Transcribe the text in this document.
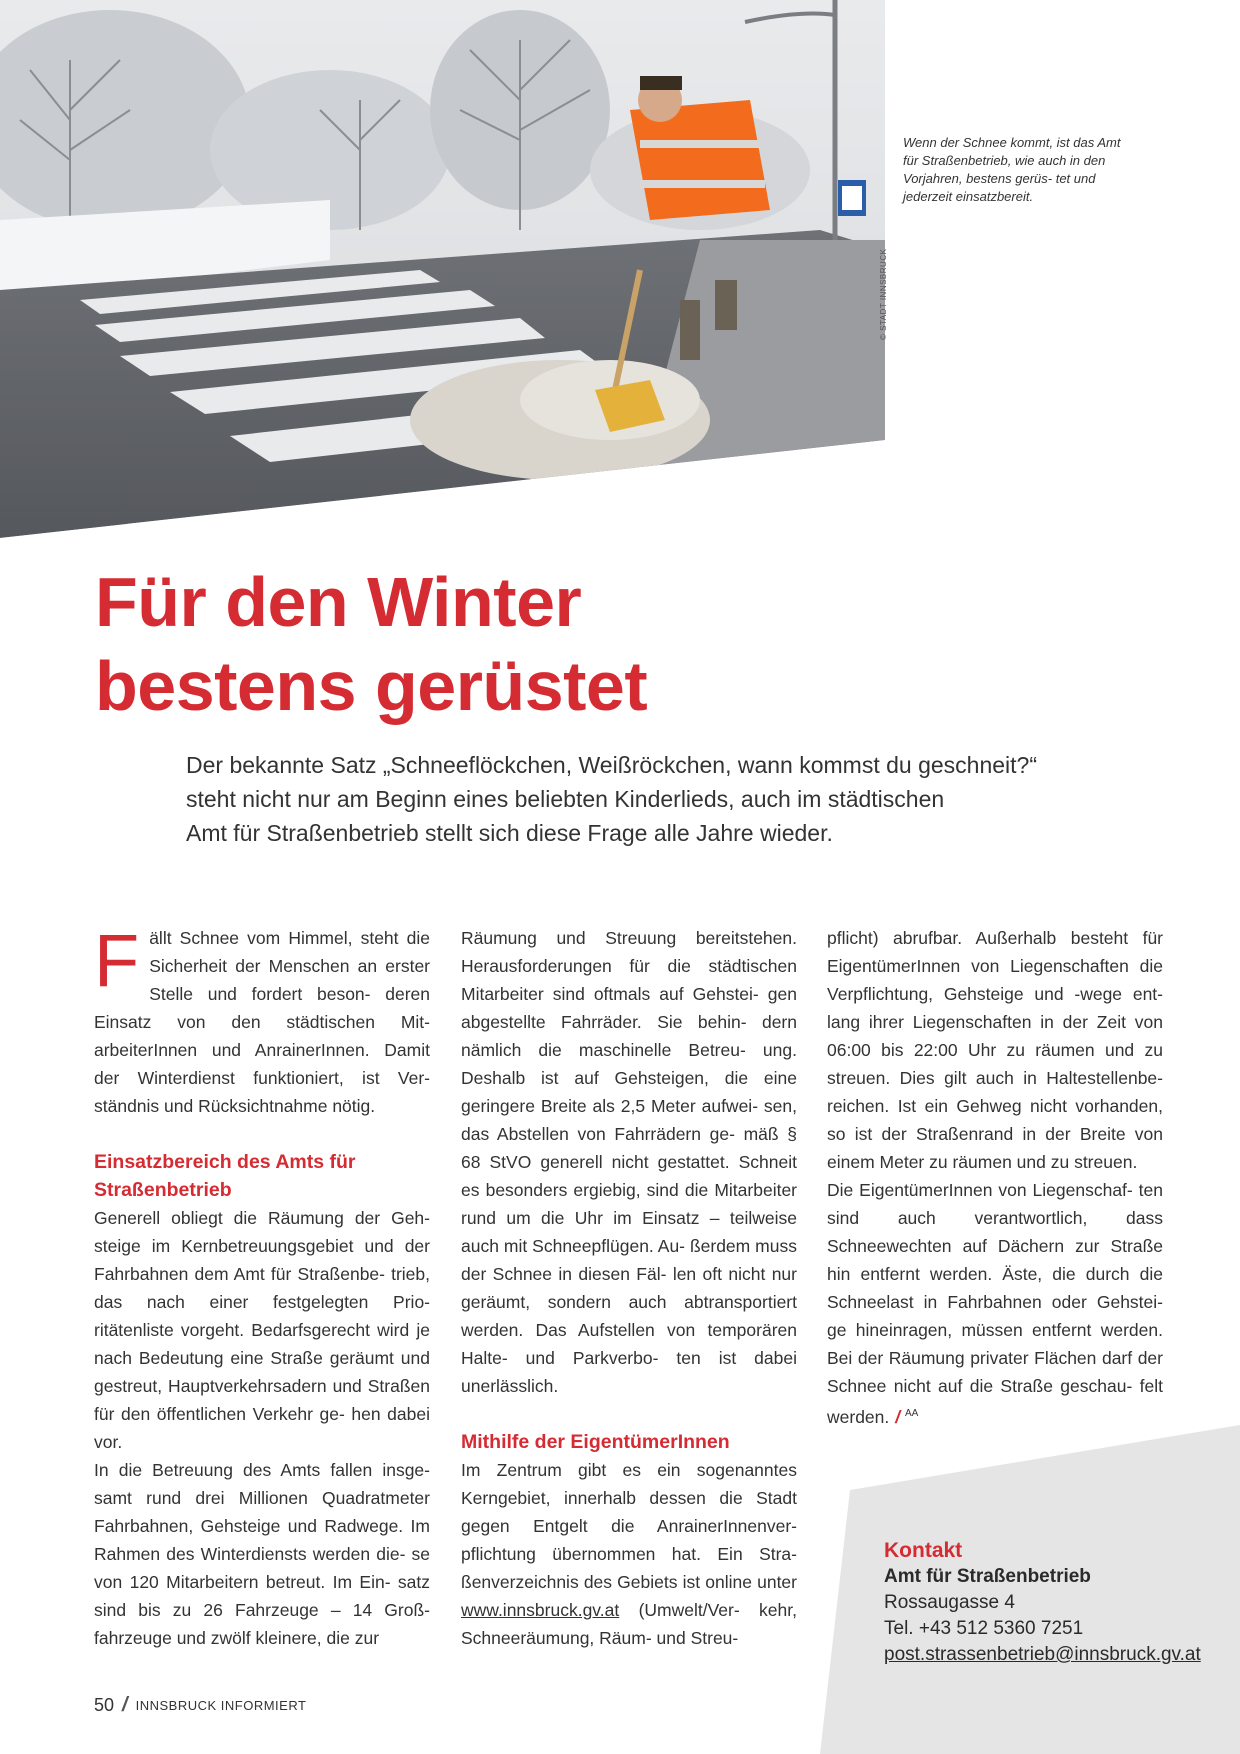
© STADT INNSBRUCK
Wenn der Schnee kommt, ist das Amt für Straßenbetrieb, wie auch in den Vorjahren, bestens gerüs- tet und jederzeit einsatzbereit.
Für den Winter
bestens gerüstet
Der bekannte Satz „Schneeflöckchen, Weißröckchen, wann kommst du geschneit?“
steht nicht nur am Beginn eines beliebten Kinderlieds, auch im städtischen
Amt für Straßenbetrieb stellt sich diese Frage alle Jahre wieder.

Fällt Schnee vom Himmel, steht die Sicherheit der Menschen an erster Stelle und fordert beson- deren Einsatz von den städtischen Mit- arbeiterInnen und AnrainerInnen. Damit der Winterdienst funktioniert, ist Ver- ständnis und Rücksichtnahme nötig.

Einsatzbereich des Amts für Straßenbetrieb

Generell obliegt die Räumung der Geh- steige im Kernbetreuungsgebiet und der Fahrbahnen dem Amt für Straßenbe- trieb, das nach einer festgelegten Prio- ritätenliste vorgeht. Bedarfsgerecht wird je nach Bedeutung eine Straße geräumt und gestreut, Hauptverkehrsadern und Straßen für den öffentlichen Verkehr ge- hen dabei vor.

In die Betreuung des Amts fallen insge- samt rund drei Millionen Quadratmeter Fahrbahnen, Gehsteige und Radwege. Im Rahmen des Winterdiensts werden die- se von 120 Mitarbeitern betreut. Im Ein- satz sind bis zu 26 Fahrzeuge – 14 Groß- fahrzeuge und zwölf kleinere, die zur

Räumung und Streuung bereitstehen. Herausforderungen für die städtischen Mitarbeiter sind oftmals auf Gehstei- gen abgestellte Fahrräder. Sie behin- dern nämlich die maschinelle Betreu- ung. Deshalb ist auf Gehsteigen, die eine geringere Breite als 2,5 Meter aufwei- sen, das Abstellen von Fahrrädern ge- mäß § 68 StVO generell nicht gestattet. Schneit es besonders ergiebig, sind die Mitarbeiter rund um die Uhr im Einsatz – teilweise auch mit Schneepflügen. Au- ßerdem muss der Schnee in diesen Fäl- len oft nicht nur geräumt, sondern auch abtransportiert werden. Das Aufstellen von temporären Halte- und Parkverbo- ten ist dabei unerlässlich.

Mithilfe der EigentümerInnen

Im Zentrum gibt es ein sogenanntes Kerngebiet, innerhalb dessen die Stadt gegen Entgelt die AnrainerInnenver- pflichtung übernommen hat. Ein Stra- ßenverzeichnis des Gebiets ist online unter www.innsbruck.gv.at (Umwelt/Ver- kehr, Schneeräumung, Räum- und Streu-

pflicht) abrufbar. Außerhalb besteht für EigentümerInnen von Liegenschaften die Verpflichtung, Gehsteige und -wege ent- lang ihrer Liegenschaften in der Zeit von 06:00 bis 22:00 Uhr zu räumen und zu streuen. Dies gilt auch in Haltestellenbe- reichen. Ist ein Gehweg nicht vorhanden, so ist der Straßenrand in der Breite von einem Meter zu räumen und zu streuen.

Die EigentümerInnen von Liegenschaf- ten sind auch verantwortlich, dass Schneewechten auf Dächern zur Straße hin entfernt werden. Äste, die durch die Schneelast in Fahrbahnen oder Gehstei- ge hineinragen, müssen entfernt werden. Bei der Räumung privater Flächen darf der Schnee nicht auf die Straße geschau- felt werden. / $^{AA}$

Kontakt
Amt für Straßenbetrieb
Rossaugasse 4
Tel. +43 512 5360 7251
post.strassenbetrieb@innsbruck.gv.at
50 / INNSBRUCK INFORMIERT
